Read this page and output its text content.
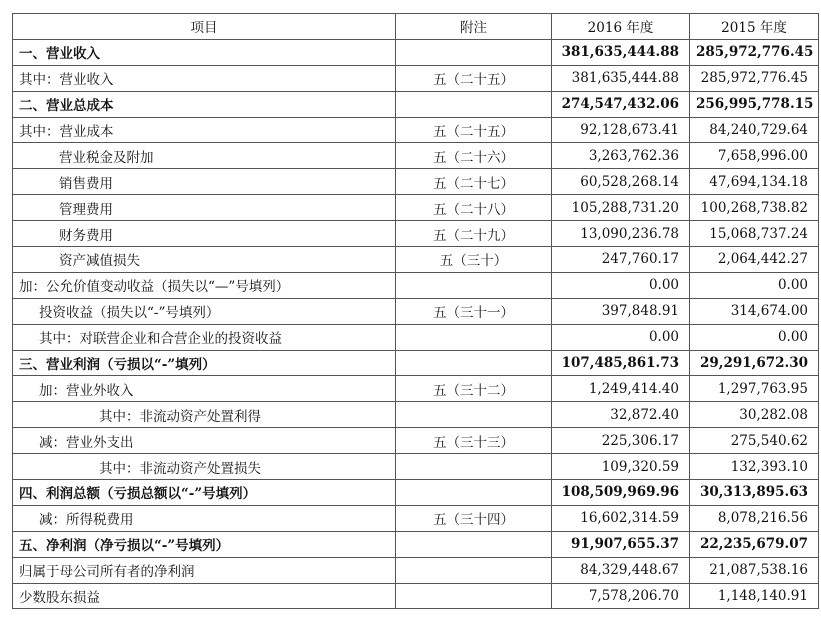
项目	附注	2016 年度	2015 年度
一、营业收入		381,635,444.88	285,972,776.45
其中：营业收入	五（二十五）	381,635,444.88	285,972,776.45
二、营业总成本		274,547,432.06	256,995,778.15
其中：营业成本	五（二十五）	92,128,673.41	84,240,729.64
营业税金及附加	五（二十六）	3,263,762.36	7,658,996.00
销售费用	五（二十七）	60,528,268.14	47,694,134.18
管理费用	五（二十八）	105,288,731.20	100,268,738.82
财务费用	五（二十九）	13,090,236.78	15,068,737.24
资产减值损失	五（三十）	247,760.17	2,064,442.27
加：公允价值变动收益（损失以“—”号填列）		0.00	0.00
投资收益（损失以“-”号填列）	五（三十一）	397,848.91	314,674.00
其中：对联营企业和合营企业的投资收益		0.00	0.00
三、营业利润（亏损以“-”填列）		107,485,861.73	29,291,672.30
加：营业外收入	五（三十二）	1,249,414.40	1,297,763.95
其中：非流动资产处置利得		32,872.40	30,282.08
减：营业外支出	五（三十三）	225,306.17	275,540.62
其中：非流动资产处置损失		109,320.59	132,393.10
四、利润总额（亏损总额以“-”号填列）		108,509,969.96	30,313,895.63
减：所得税费用	五（三十四）	16,602,314.59	8,078,216.56
五、净利润（净亏损以“-”号填列）		91,907,655.37	22,235,679.07
归属于母公司所有者的净利润		84,329,448.67	21,087,538.16
少数股东损益		7,578,206.70	1,148,140.91
